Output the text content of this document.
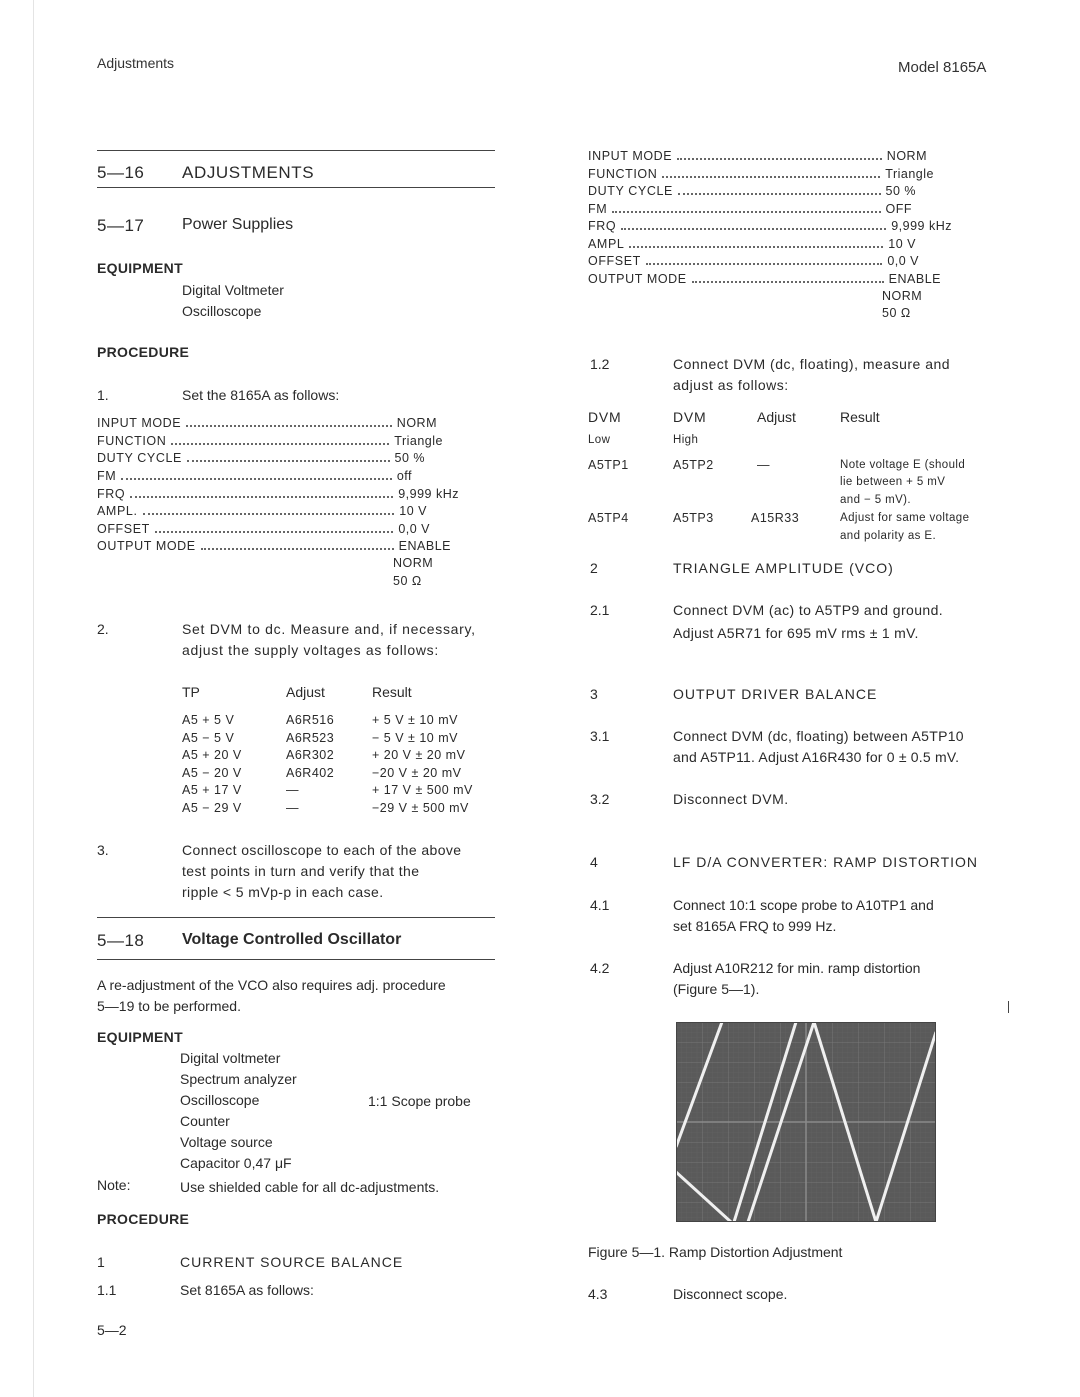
Adjustments	Model 8165A
5—16 ADJUSTMENTS
5—17 Power Supplies
EQUIPMENT
Digital Voltmeter
Oscilloscope
PROCEDURE
1.	Set the 8165A as follows:
INPUT MODE	NORM
FUNCTION	Triangle
DUTY CYCLE	50 %
FM	off
FRQ	9,999 kHz
AMPL.	10 V
OFFSET	0,0 V
OUTPUT MODE	ENABLE
NORM
50 Ω
2.	Set DVM to dc. Measure and, if necessary,
adjust the supply voltages as follows:
TP	Adjust	Result
A5 + 5 V	A6R516	+ 5 V ± 10 mV
A5 − 5 V	A6R523	− 5 V ± 10 mV
A5 + 20 V	A6R302	+ 20 V ± 20 mV
A5 − 20 V	A6R402	−20 V ± 20 mV
A5 + 17 V	—	+ 17 V ± 500 mV
A5 − 29 V	—	−29 V ± 500 mV
3.	Connect oscilloscope to each of the above
test points in turn and verify that the
ripple < 5 mVp-p in each case.
5—18 Voltage Controlled Oscillator
A re-adjustment of the VCO also requires adj. procedure
5—19 to be performed.
EQUIPMENT
Digital voltmeter
Spectrum analyzer
Oscilloscope	1:1 Scope probe
Counter
Voltage source
Capacitor 0,47 μF
Note:	Use shielded cable for all dc-adjustments.
PROCEDURE
1	CURRENT SOURCE BALANCE
1.1	Set 8165A as follows:
5—2
INPUT MODE	NORM
FUNCTION	Triangle
DUTY CYCLE	50 %
FM	OFF
FRQ	9,999 kHz
AMPL	10 V
OFFSET	0,0 V
OUTPUT MODE	ENABLE
NORM
50 Ω
1.2	Connect DVM (dc, floating), measure and
adjust as follows:
DVM	DVM	Adjust	Result
Low	High
A5TP1	A5TP2	—	Note voltage E (should
lie between + 5 mV
and − 5 mV).
A5TP4	A5TP3	A15R33	Adjust for same voltage
and polarity as E.
2	TRIANGLE AMPLITUDE (VCO)
2.1	Connect DVM (ac) to A5TP9 and ground.
Adjust A5R71 for 695 mV rms ± 1 mV.
3	OUTPUT DRIVER BALANCE
3.1	Connect DVM (dc, floating) between A5TP10
and A5TP11. Adjust A16R430 for 0 ± 0.5 mV.
3.2	Disconnect DVM.
4	LF D/A CONVERTER: RAMP DISTORTION
4.1	Connect 10:1 scope probe to A10TP1 and
set 8165A FRQ to 999 Hz.
4.2	Adjust A10R212 for min. ramp distortion
(Figure 5—1).
Figure 5—1. Ramp Distortion Adjustment
4.3	Disconnect scope.
